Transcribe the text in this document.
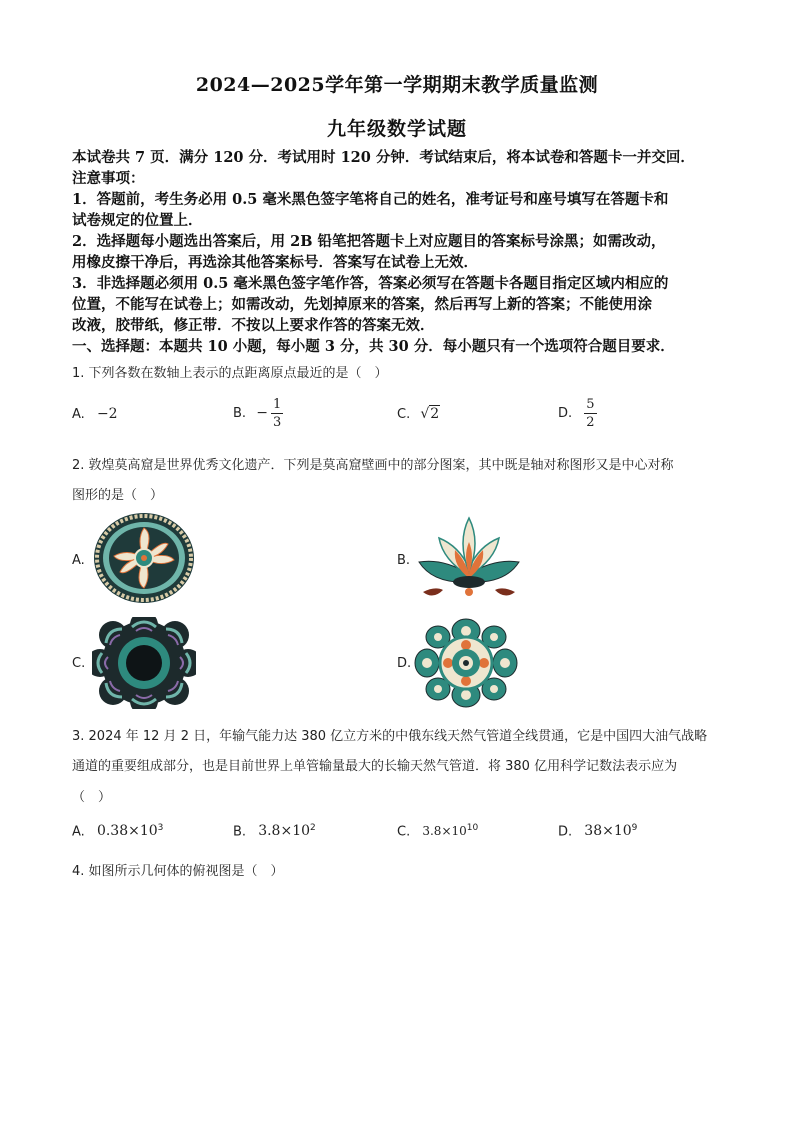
2024—2025学年第一学期期末教学质量监测
九年级数学试题
本试卷共 7 页．满分 120 分．考试用时 120 分钟．考试结束后，将本试卷和答题卡一并交回．
注意事项：
1．答题前，考生务必用 0.5 毫米黑色签字笔将自己的姓名，准考证号和座号填写在答题卡和
试卷规定的位置上．
2．选择题每小题选出答案后，用 2B 铅笔把答题卡上对应题目的答案标号涂黑；如需改动，
用橡皮擦干净后，再选涂其他答案标号．答案写在试卷上无效．
3．非选择题必须用 0.5 毫米黑色签字笔作答，答案必须写在答题卡各题目指定区域内相应的
位置，不能写在试卷上；如需改动，先划掉原来的答案，然后再写上新的答案；不能使用涂
改液，胶带纸，修正带．不按以上要求作答的答案无效．
一、选择题：本题共 10 小题，每小题 3 分，共 30 分．每小题只有一个选项符合题目要求．
1. 下列各数在数轴上表示的点距离原点最近的是（　）
A. −2	B. − $\frac{1}{3}$	C. √2	D. $\frac{5}{2}$
2. 敦煌莫高窟是世界优秀文化遗产．下列是莫高窟壁画中的部分图案，其中既是轴对称图形又是中心对称
图形的是（　）
A.	B.
C.	D.
3. 2024 年 12 月 2 日，年输气能力达 380 亿立方米的中俄东线天然气管道全线贯通，它是中国四大油气战略
通道的重要组成部分，也是目前世界上单管输量最大的长输天然气管道．将 380 亿用科学记数法表示应为
（　）
A. $0.38\times 10^3$	B. $3.8\times 10^2$	C. $3.8\times 10^{10}$	D. $38\times 10^9$
4. 如图所示几何体的俯视图是（　）
